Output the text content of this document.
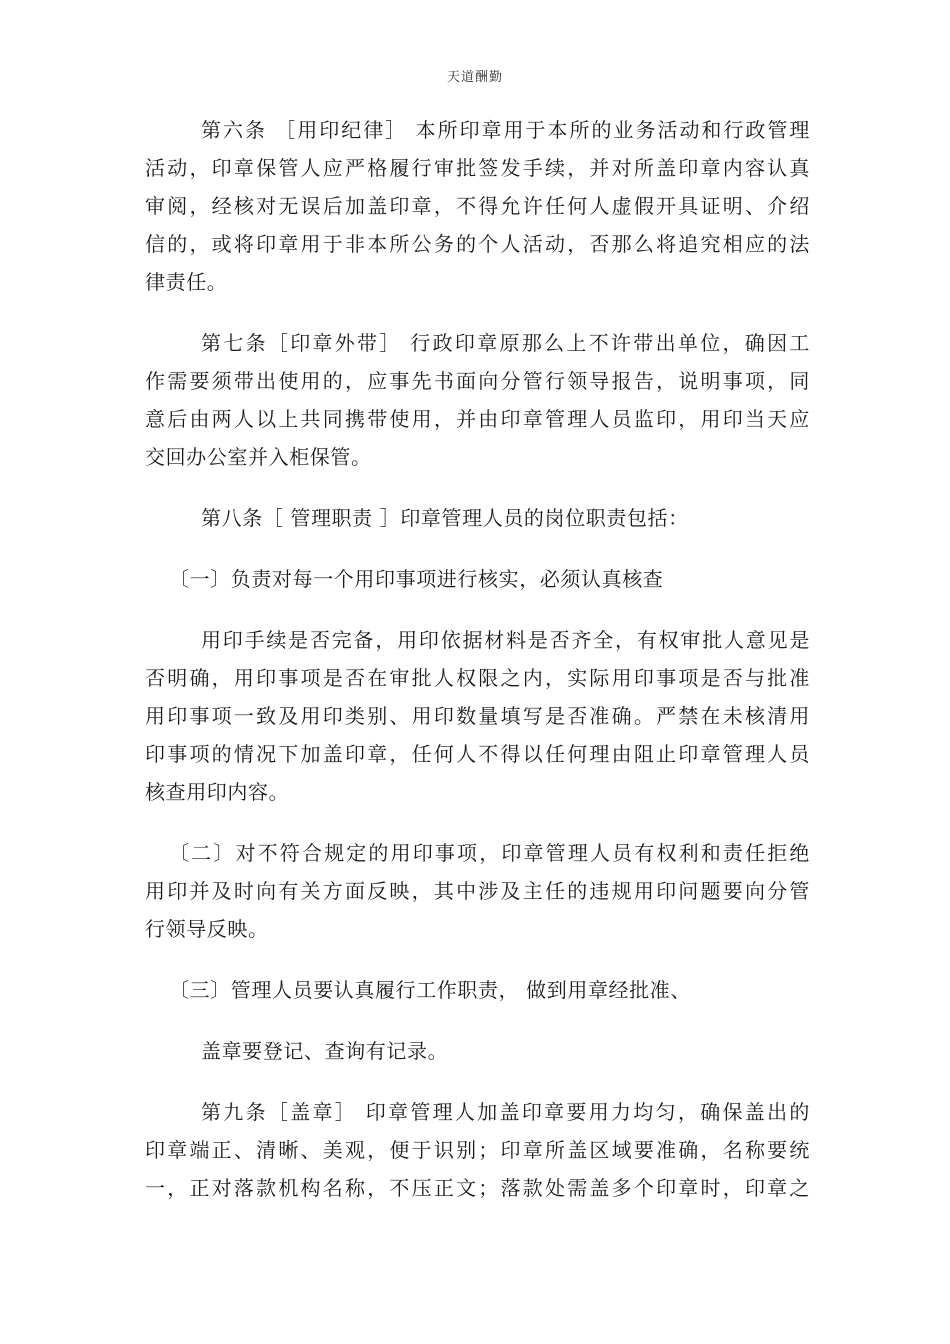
天道酬勤

第六条 ［用印纪律］ 本所印章用于本所的业务活动和行政管理
活动，印章保管人应严格履行审批签发手续，并对所盖印章内容认真
审阅，经核对无误后加盖印章，不得允许任何人虚假开具证明、介绍
信的，或将印章用于非本所公务的个人活动，否那么将追究相应的法
律责任。

第七条［印章外带］ 行政印章原那么上不许带出单位，确因工
作需要须带出使用的，应事先书面向分管行领导报告，说明事项，同
意后由两人以上共同携带使用，并由印章管理人员监印，用印当天应
交回办公室并入柜保管。

第八条［ 管理职责 ］印章管理人员的岗位职责包括：

〔一〕负责对每一个用印事项进行核实，必须认真核查

用印手续是否完备，用印依据材料是否齐全，有权审批人意见是
否明确，用印事项是否在审批人权限之内，实际用印事项是否与批准
用印事项一致及用印类别、用印数量填写是否准确。严禁在未核清用
印事项的情况下加盖印章，任何人不得以任何理由阻止印章管理人员
核查用印内容。

〔二〕对不符合规定的用印事项，印章管理人员有权利和责任拒绝
用印并及时向有关方面反映，其中涉及主任的违规用印问题要向分管
行领导反映。

〔三〕管理人员要认真履行工作职责， 做到用章经批准、

盖章要登记、查询有记录。

第九条［盖章］ 印章管理人加盖印章要用力均匀，确保盖出的
印章端正、清晰、美观，便于识别；印章所盖区域要准确，名称要统
一，正对落款机构名称，不压正文；落款处需盖多个印章时，印章之
